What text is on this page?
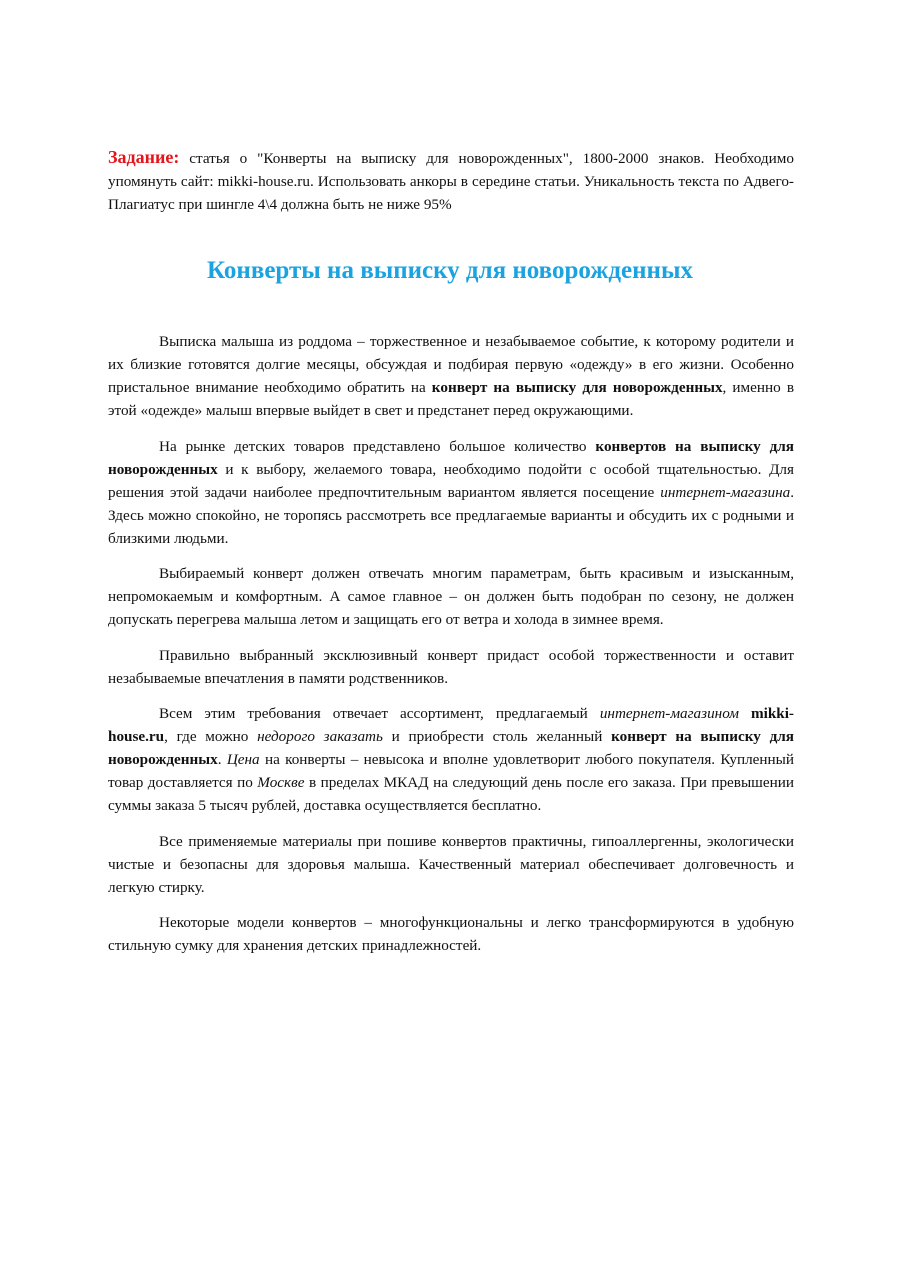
Задание: статья о "Конверты на выписку для новорожденных", 1800-2000 знаков. Необходимо упомянуть сайт: mikki-house.ru. Использовать анкоры в середине статьи. Уникальность текста по Адвего-Плагиатус при шингле 4\4 должна быть не ниже 95%
Конверты на выписку для новорожденных

Выписка малыша из роддома – торжественное и незабываемое событие, к которому родители и их близкие готовятся долгие месяцы, обсуждая и подбирая первую «одежду» в его жизни. Особенно пристальное внимание необходимо обратить на конверт на выписку для новорожденных, именно в этой «одежде» малыш впервые выйдет в свет и предстанет перед окружающими.

На рынке детских товаров представлено большое количество конвертов на выписку для новорожденных и к выбору, желаемого товара, необходимо подойти с особой тщательностью. Для решения этой задачи наиболее предпочтительным вариантом является посещение интернет-магазина. Здесь можно спокойно, не торопясь рассмотреть все предлагаемые варианты и обсудить их с родными и близкими людьми.

Выбираемый конверт должен отвечать многим параметрам, быть красивым и изысканным, непромокаемым и комфортным. А самое главное – он должен быть подобран по сезону, не должен допускать перегрева малыша летом и защищать его от ветра и холода в зимнее время.

Правильно выбранный эксклюзивный конверт придаст особой торжественности и оставит незабываемые впечатления в памяти родственников.

Всем этим требования отвечает ассортимент, предлагаемый интернет-магазином mikki-house.ru, где можно недорого заказать и приобрести столь желанный конверт на выписку для новорожденных. Цена на конверты – невысока и вполне удовлетворит любого покупателя. Купленный товар доставляется по Москве в пределах МКАД на следующий день после его заказа. При превышении суммы заказа 5 тысяч рублей, доставка осуществляется бесплатно.

Все применяемые материалы при пошиве конвертов практичны, гипоаллергенны, экологически чистые и безопасны для здоровья малыша. Качественный материал обеспечивает долговечность и легкую стирку.

Некоторые модели конвертов – многофункциональны и легко трансформируются в удобную стильную сумку для хранения детских принадлежностей.
